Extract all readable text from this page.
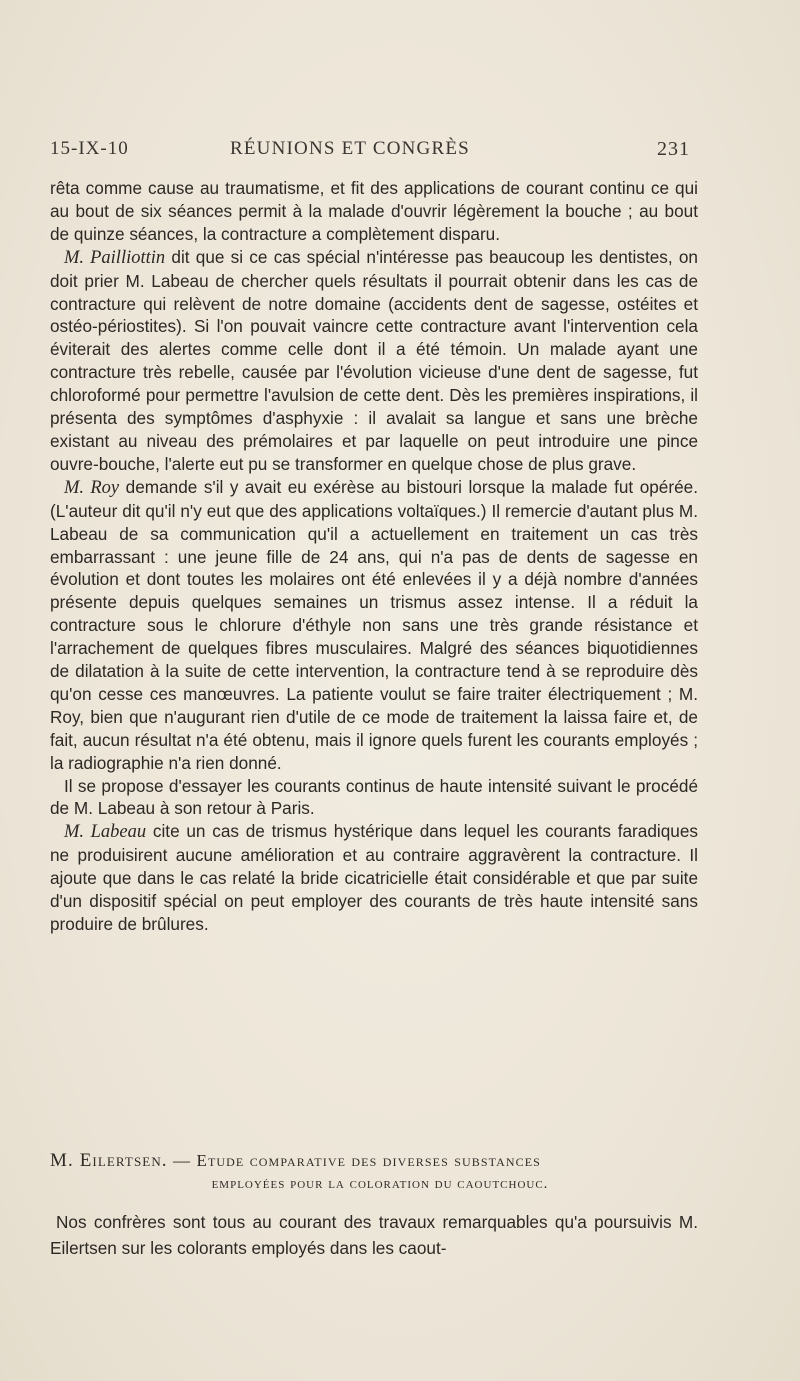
15-IX-10	RÉUNIONS ET CONGRÈS	231

rêta comme cause au traumatisme, et fit des applications de courant continu ce qui au bout de six séances permit à la malade d'ouvrir légèrement la bouche ; au bout de quinze séances, la contracture a complètement disparu.

M. Pailliottin dit que si ce cas spécial n'intéresse pas beaucoup les dentistes, on doit prier M. Labeau de chercher quels résultats il pourrait obtenir dans les cas de contracture qui relèvent de notre domaine (accidents dent de sagesse, ostéites et ostéo-périostites). Si l'on pouvait vaincre cette contracture avant l'intervention cela éviterait des alertes comme celle dont il a été témoin. Un malade ayant une contracture très rebelle, causée par l'évolution vicieuse d'une dent de sagesse, fut chloroformé pour permettre l'avulsion de cette dent. Dès les premières inspirations, il présenta des symptômes d'asphyxie : il avalait sa langue et sans une brèche existant au niveau des prémolaires et par laquelle on peut introduire une pince ouvre-bouche, l'alerte eut pu se transformer en quelque chose de plus grave.

M. Roy demande s'il y avait eu exérèse au bistouri lorsque la malade fut opérée. (L'auteur dit qu'il n'y eut que des applications voltaïques.) Il remercie d'autant plus M. Labeau de sa communication qu'il a actuellement en traitement un cas très embarrassant : une jeune fille de 24 ans, qui n'a pas de dents de sagesse en évolution et dont toutes les molaires ont été enlevées il y a déjà nombre d'années présente depuis quelques semaines un trismus assez intense. Il a réduit la contracture sous le chlorure d'éthyle non sans une très grande résistance et l'arrachement de quelques fibres musculaires. Malgré des séances biquotidiennes de dilatation à la suite de cette intervention, la contracture tend à se reproduire dès qu'on cesse ces manœuvres. La patiente voulut se faire traiter électriquement ; M. Roy, bien que n'augurant rien d'utile de ce mode de traitement la laissa faire et, de fait, aucun résultat n'a été obtenu, mais il ignore quels furent les courants employés ; la radiographie n'a rien donné.

Il se propose d'essayer les courants continus de haute intensité suivant le procédé de M. Labeau à son retour à Paris.

M. Labeau cite un cas de trismus hystérique dans lequel les courants faradiques ne produisirent aucune amélioration et au contraire aggravèrent la contracture. Il ajoute que dans le cas relaté la bride cicatricielle était considérable et que par suite d'un dispositif spécial on peut employer des courants de très haute intensité sans produire de brûlures.

M. Eilertsen. — Etude comparative des diverses substances
employées pour la coloration du caoutchouc.

Nos confrères sont tous au courant des travaux remarquables qu'a poursuivis M. Eilertsen sur les colorants employés dans les caout-
